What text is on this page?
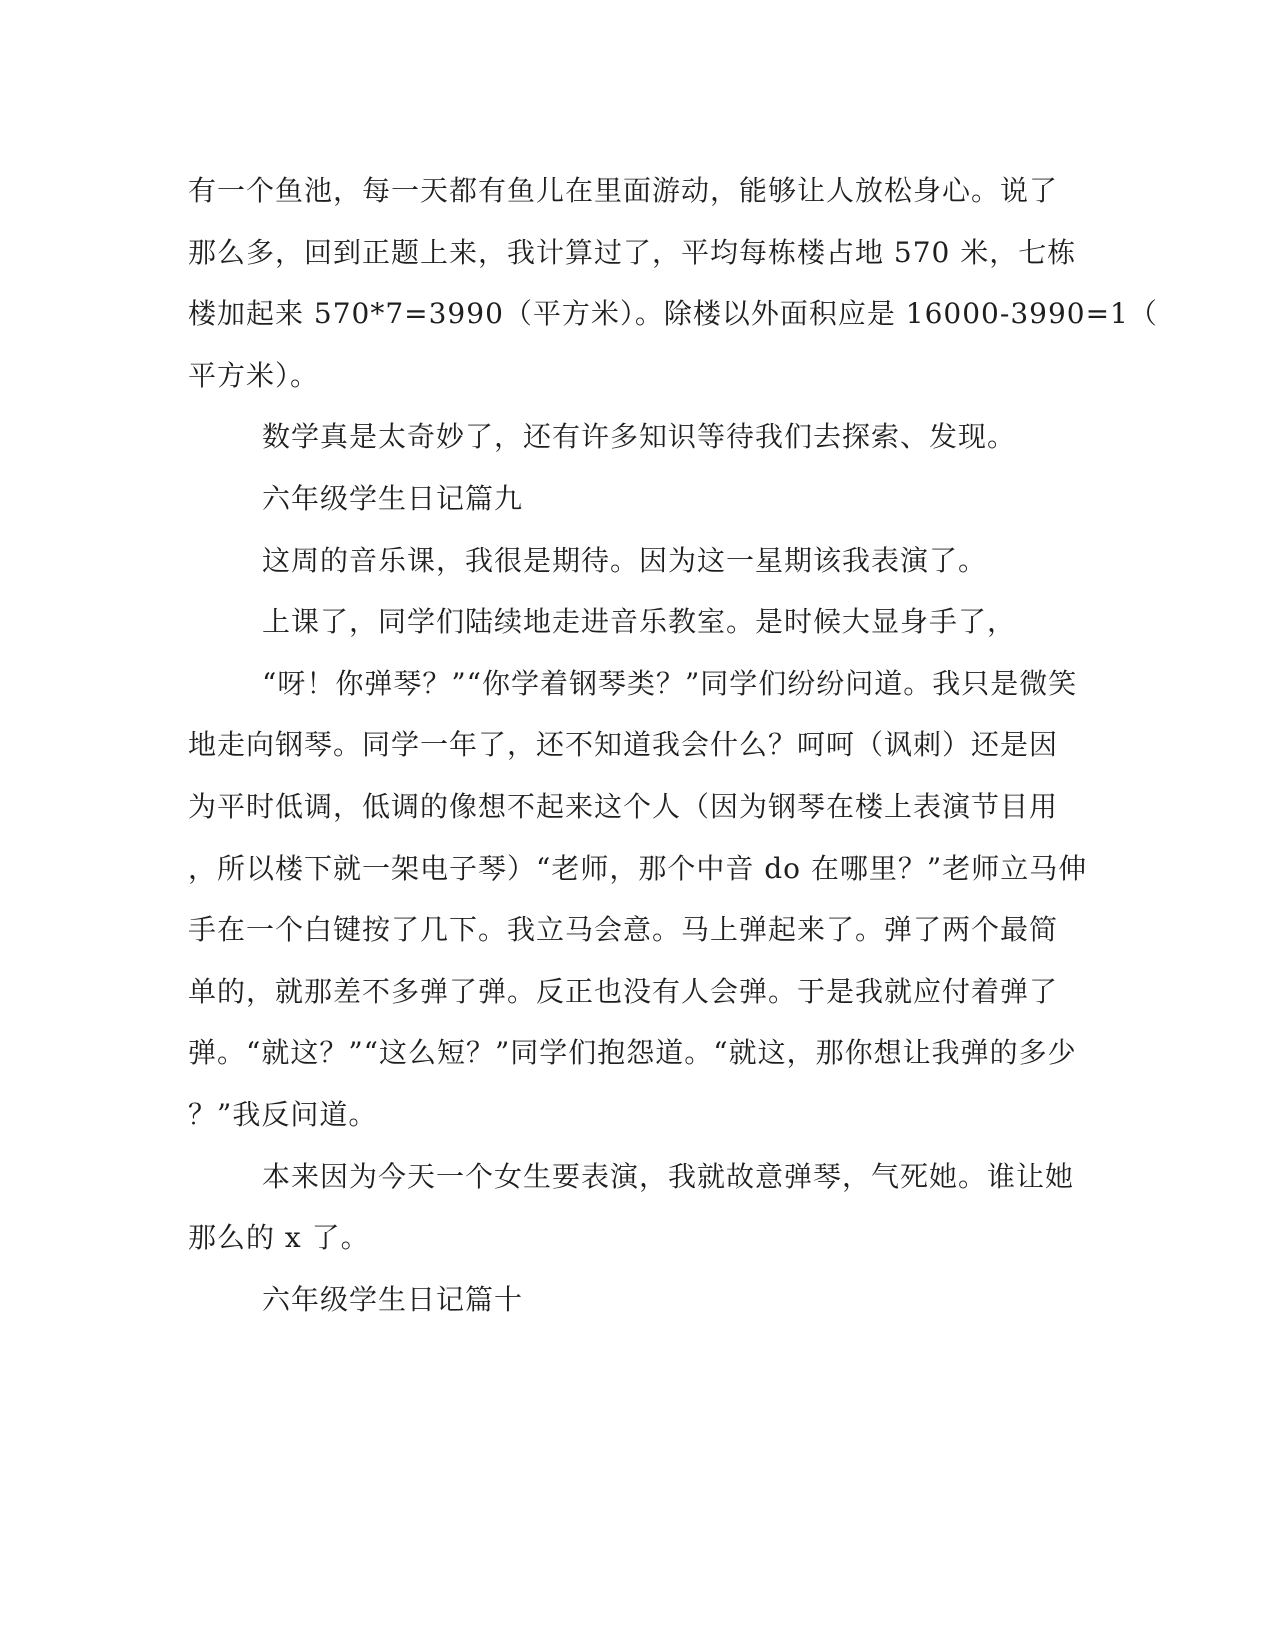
有一个鱼池，每一天都有鱼儿在里面游动，能够让人放松身心。说了
那么多，回到正题上来，我计算过了，平均每栋楼占地 570 米，七栋
楼加起来 570*7=3990（平方米）。除楼以外面积应是 16000-3990=1（
平方米）。
数学真是太奇妙了，还有许多知识等待我们去探索、发现。
六年级学生日记篇九
这周的音乐课，我很是期待。因为这一星期该我表演了。
上课了，同学们陆续地走进音乐教室。是时候大显身手了，
“呀！你弹琴？”“你学着钢琴类？”同学们纷纷问道。我只是微笑
地走向钢琴。同学一年了，还不知道我会什么？呵呵（讽刺）还是因
为平时低调，低调的像想不起来这个人（因为钢琴在楼上表演节目用
，所以楼下就一架电子琴）“老师，那个中音 do 在哪里？”老师立马伸
手在一个白键按了几下。我立马会意。马上弹起来了。弹了两个最简
单的，就那差不多弹了弹。反正也没有人会弹。于是我就应付着弹了
弹。“就这？”“这么短？”同学们抱怨道。“就这，那你想让我弹的多少
？”我反问道。
本来因为今天一个女生要表演，我就故意弹琴，气死她。谁让她
那么的 x 了。
六年级学生日记篇十
